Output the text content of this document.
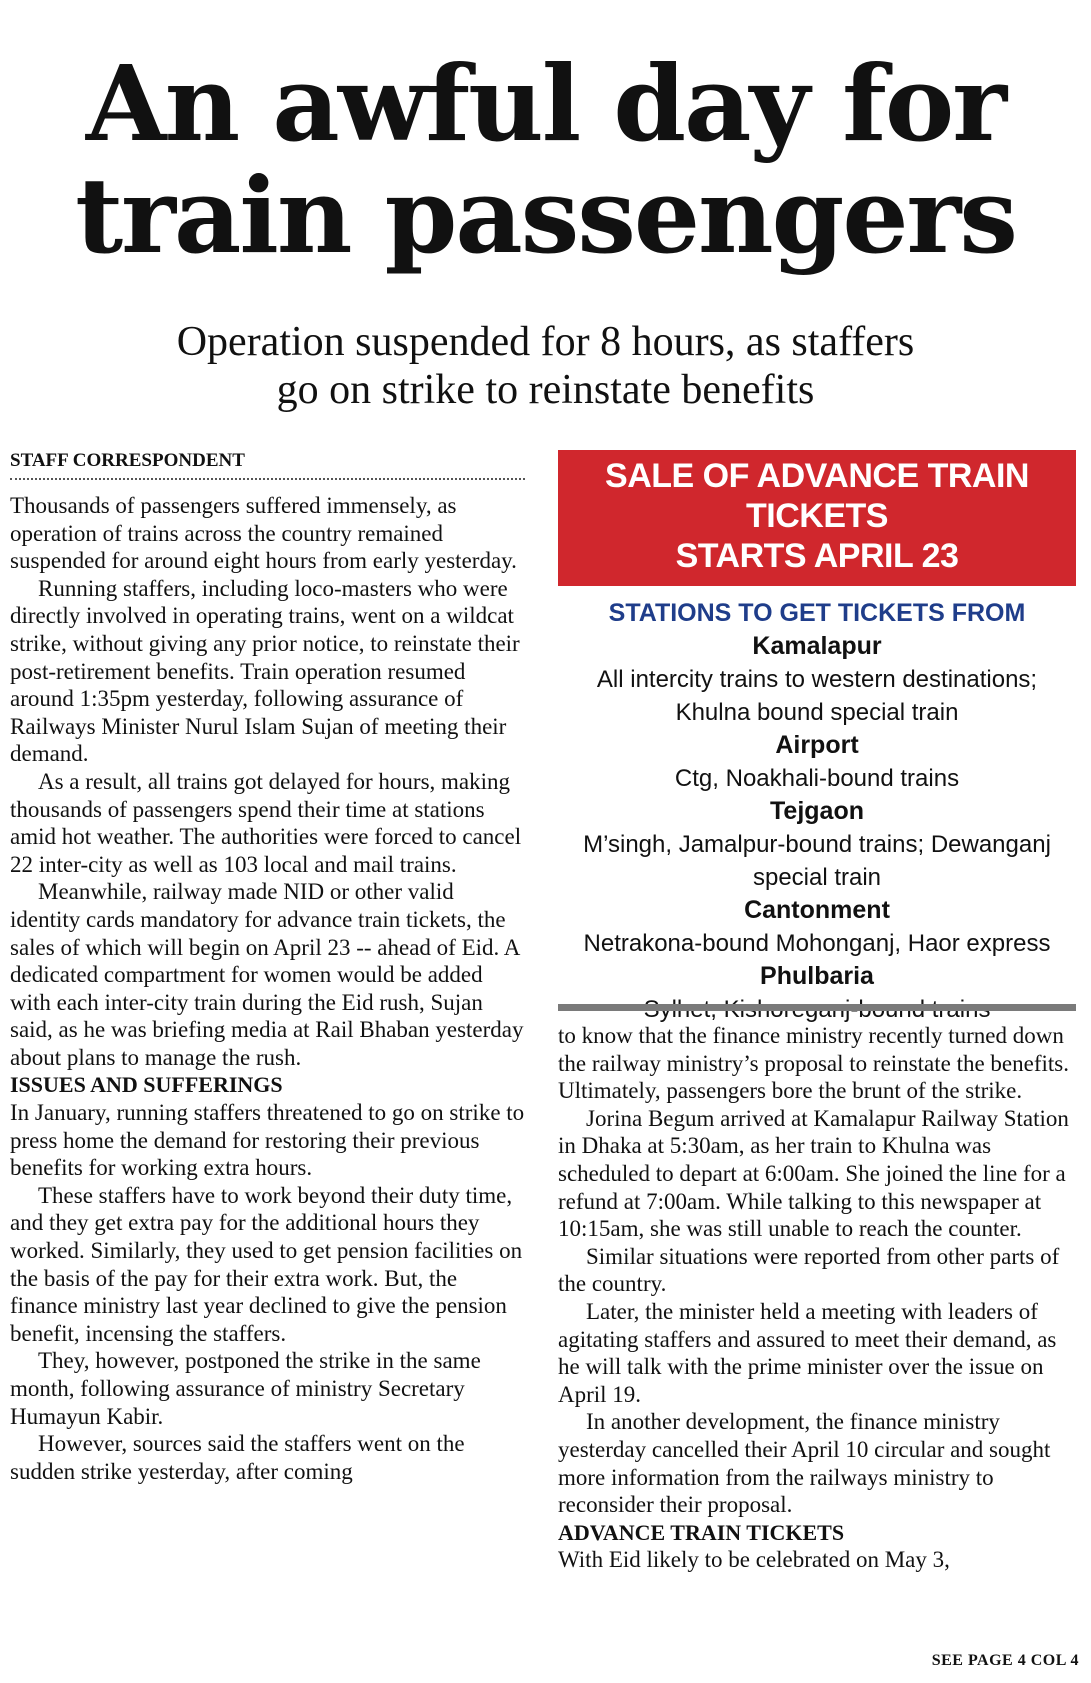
An awful day for
train passengers
Operation suspended for 8 hours, as staffers
go on strike to reinstate benefits
STAFF CORRESPONDENT

Thousands of passengers suffered immensely, as operation of trains across the country remained suspended for around eight hours from early yesterday.

Running staffers, including loco-masters who were directly involved in operating trains, went on a wildcat strike, without giving any prior notice, to reinstate their post-retirement benefits. Train operation resumed around 1:35pm yesterday, following assurance of Railways Minister Nurul Islam Sujan of meeting their demand.

As a result, all trains got delayed for hours, making thousands of passengers spend their time at stations amid hot weather. The authorities were forced to cancel 22 inter-city as well as 103 local and mail trains.

Meanwhile, railway made NID or other valid identity cards mandatory for advance train tickets, the sales of which will begin on April 23 -- ahead of Eid. A dedicated compartment for women would be added with each inter-city train during the Eid rush, Sujan said, as he was briefing media at Rail Bhaban yesterday about plans to manage the rush.

ISSUES AND SUFFERINGS

In January, running staffers threatened to go on strike to press home the demand for restoring their previous benefits for working extra hours.

These staffers have to work beyond their duty time, and they get extra pay for the additional hours they worked. Similarly, they used to get pension facilities on the basis of the pay for their extra work. But, the finance ministry last year declined to give the pension benefit, incensing the staffers.

They, however, postponed the strike in the same month, following assurance of ministry Secretary Humayun Kabir.

However, sources said the staffers went on the sudden strike yesterday, after coming

SALE OF ADVANCE TRAIN TICKETS
STARTS APRIL 23
STATIONS TO GET TICKETS FROM
Kamalapur
All intercity trains to western destinations; Khulna bound special train
Airport
Ctg, Noakhali-bound trains
Tejgaon
M’singh, Jamalpur-bound trains; Dewanganj special train
Cantonment
Netrakona-bound Mohonganj, Haor express
Phulbaria

to know that the finance ministry recently turned down the railway ministry’s proposal to reinstate the benefits. Ultimately, passengers bore the brunt of the strike.

Jorina Begum arrived at Kamalapur Railway Station in Dhaka at 5:30am, as her train to Khulna was scheduled to depart at 6:00am. She joined the line for a refund at 7:00am. While talking to this newspaper at 10:15am, she was still unable to reach the counter.

Similar situations were reported from other parts of the country.

Later, the minister held a meeting with leaders of agitating staffers and assured to meet their demand, as he will talk with the prime minister over the issue on April 19.

In another development, the finance ministry yesterday cancelled their April 10 circular and sought more information from the railways ministry to reconsider their proposal.

ADVANCE TRAIN TICKETS

With Eid likely to be celebrated on May 3,

SEE PAGE 4 COL 4
